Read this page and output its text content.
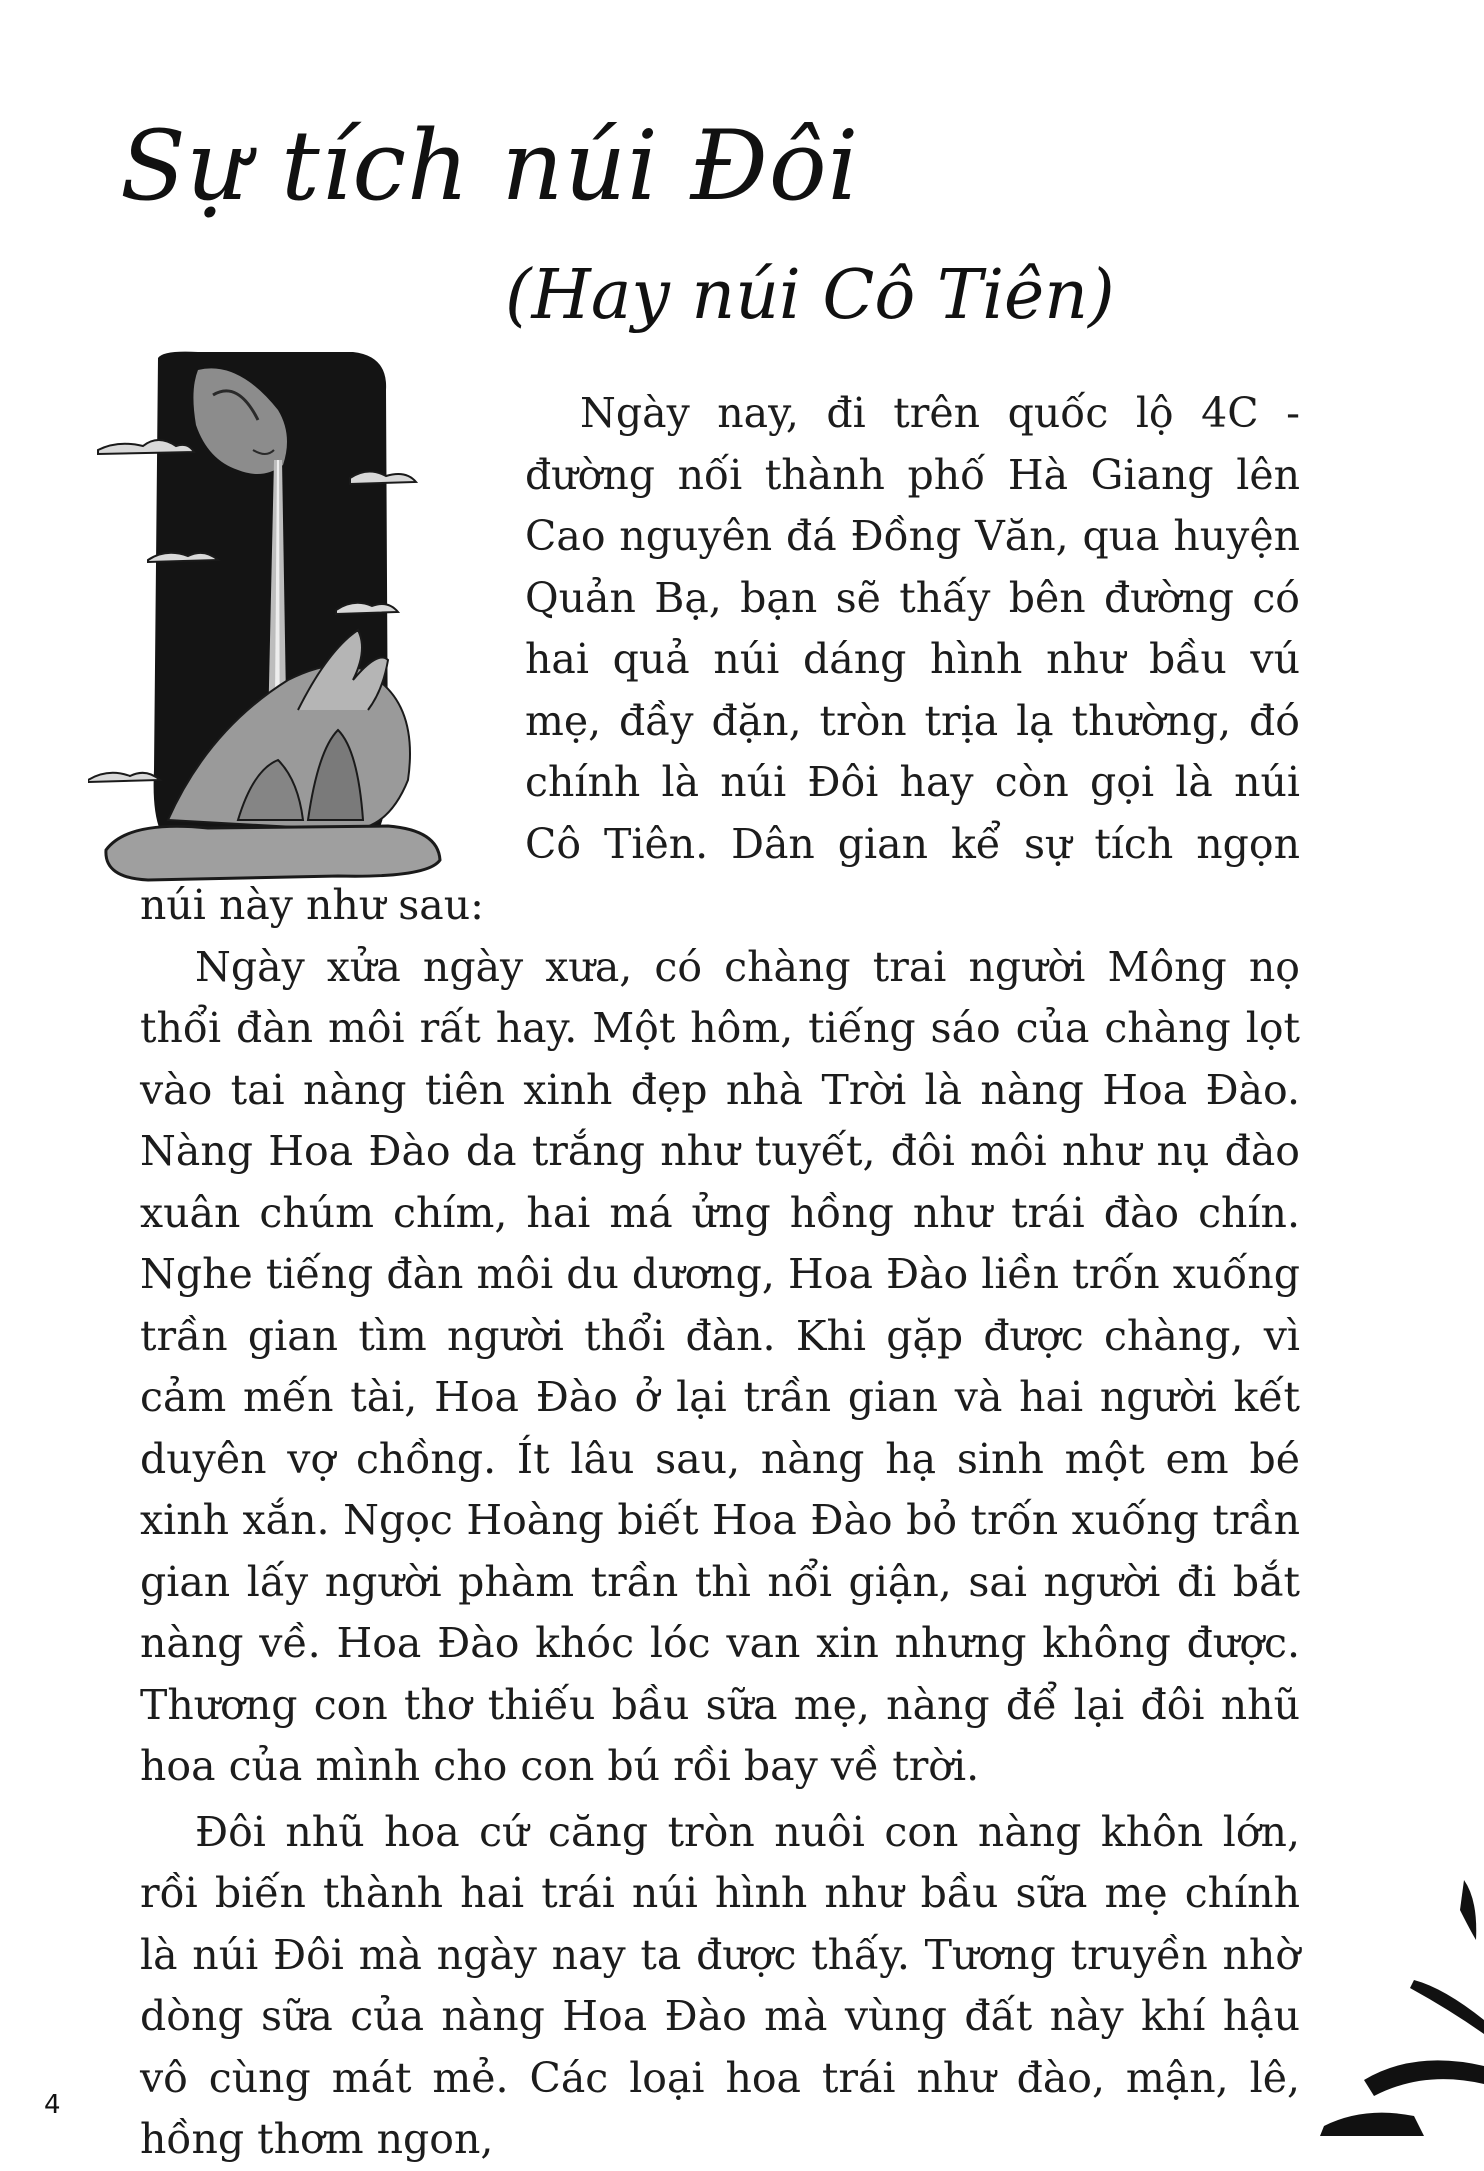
Sự tích núi Đôi
(Hay núi Cô Tiên)

Ngày nay, đi trên quốc lộ 4C - đường nối thành phố Hà Giang lên Cao nguyên đá Đồng Văn, qua huyện Quản Bạ, bạn sẽ thấy bên đường có hai quả núi dáng hình như bầu vú mẹ, đầy đặn, tròn trịa lạ thường, đó chính là núi Đôi hay còn gọi là núi Cô Tiên. Dân gian kể sự tích ngọn núi này như sau:

Ngày xửa ngày xưa, có chàng trai người Mông nọ thổi đàn môi rất hay. Một hôm, tiếng sáo của chàng lọt vào tai nàng tiên xinh đẹp nhà Trời là nàng Hoa Đào. Nàng Hoa Đào da trắng như tuyết, đôi môi như nụ đào xuân chúm chím, hai má ửng hồng như trái đào chín. Nghe tiếng đàn môi du dương, Hoa Đào liền trốn xuống trần gian tìm người thổi đàn. Khi gặp được chàng, vì cảm mến tài, Hoa Đào ở lại trần gian và hai người kết duyên vợ chồng. Ít lâu sau, nàng hạ sinh một em bé xinh xắn. Ngọc Hoàng biết Hoa Đào bỏ trốn xuống trần gian lấy người phàm trần thì nổi giận, sai người đi bắt nàng về. Hoa Đào khóc lóc van xin nhưng không được. Thương con thơ thiếu bầu sữa mẹ, nàng để lại đôi nhũ hoa của mình cho con bú rồi bay về trời.

Đôi nhũ hoa cứ căng tròn nuôi con nàng khôn lớn, rồi biến thành hai trái núi hình như bầu sữa mẹ chính là núi Đôi mà ngày nay ta được thấy. Tương truyền nhờ dòng sữa của nàng Hoa Đào mà vùng đất này khí hậu vô cùng mát mẻ. Các loại hoa trái như đào, mận, lê, hồng thơm ngon,

4
